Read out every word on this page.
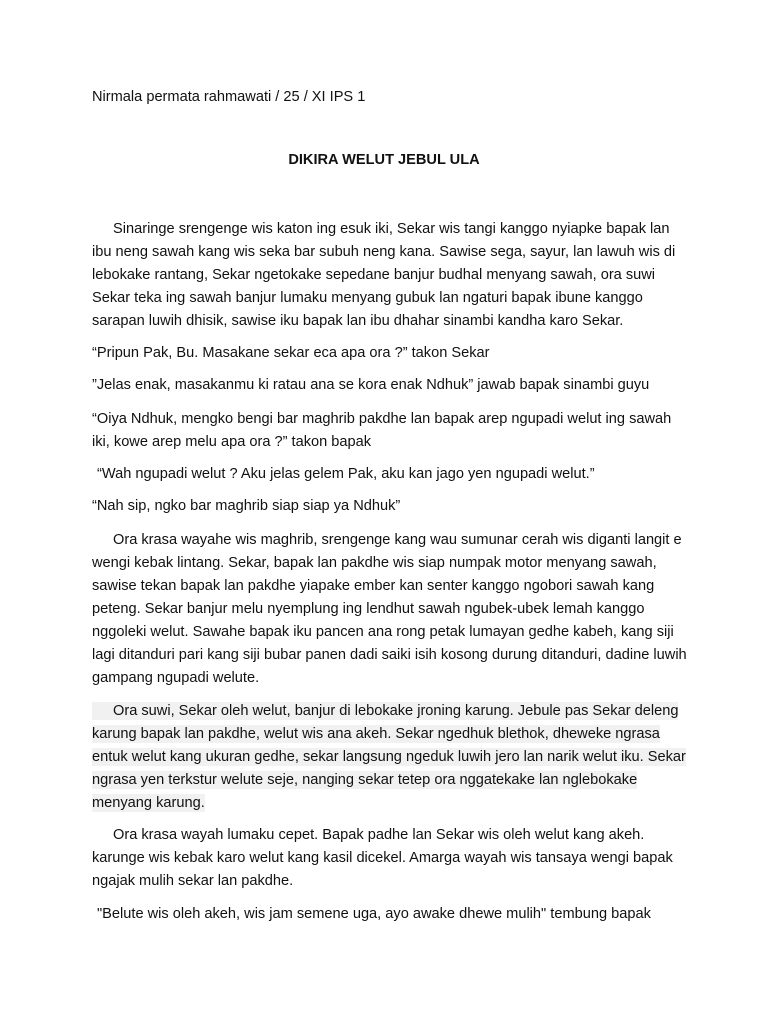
Nirmala permata rahmawati / 25 / XI IPS 1
DIKIRA WELUT JEBUL ULA
Sinaringe srengenge wis katon ing esuk iki, Sekar wis tangi kanggo nyiapke bapak lan
ibu neng sawah kang wis seka bar subuh neng kana. Sawise sega, sayur, lan lawuh wis di
lebokake rantang, Sekar ngetokake sepedane banjur budhal menyang sawah, ora suwi
Sekar teka ing sawah banjur lumaku menyang gubuk lan ngaturi bapak ibune kanggo
sarapan luwih dhisik, sawise iku bapak lan ibu dhahar sinambi kandha karo Sekar.
“Pripun Pak, Bu. Masakane sekar eca apa ora ?” takon Sekar
”Jelas enak, masakanmu ki ratau ana se kora enak Ndhuk” jawab bapak sinambi guyu
“Oiya Ndhuk, mengko bengi bar maghrib pakdhe lan bapak arep ngupadi welut ing sawah
iki, kowe arep melu apa ora ?” takon bapak
“Wah ngupadi welut ? Aku jelas gelem Pak, aku kan jago yen ngupadi welut.”
“Nah sip, ngko bar maghrib siap siap ya Ndhuk”
Ora krasa wayahe wis maghrib, srengenge kang wau sumunar cerah wis diganti langit e
wengi kebak lintang. Sekar, bapak lan pakdhe wis siap numpak motor menyang sawah,
sawise tekan bapak lan pakdhe yiapake ember kan senter kanggo ngobori sawah kang
peteng. Sekar banjur melu nyemplung ing lendhut sawah ngubek-ubek lemah kanggo
nggoleki welut. Sawahe bapak iku pancen ana rong petak lumayan gedhe kabeh, kang siji
lagi ditanduri pari kang siji bubar panen dadi saiki isih kosong durung ditanduri, dadine luwih
gampang ngupadi welute.
Ora suwi, Sekar oleh welut, banjur di lebokake jroning karung. Jebule pas Sekar deleng
karung bapak lan pakdhe, welut wis ana akeh. Sekar ngedhuk blethok, dheweke ngrasa
entuk welut kang ukuran gedhe, sekar langsung ngeduk luwih jero lan narik welut iku. Sekar
ngrasa yen terkstur welute seje, nanging sekar tetep ora nggatekake lan nglebokake
menyang karung.
Ora krasa wayah lumaku cepet. Bapak padhe lan Sekar wis oleh welut kang akeh.
karunge wis kebak karo welut kang kasil dicekel. Amarga wayah wis tansaya wengi bapak
ngajak mulih sekar lan pakdhe.
"Belute wis oleh akeh, wis jam semene uga, ayo awake dhewe mulih" tembung bapak
